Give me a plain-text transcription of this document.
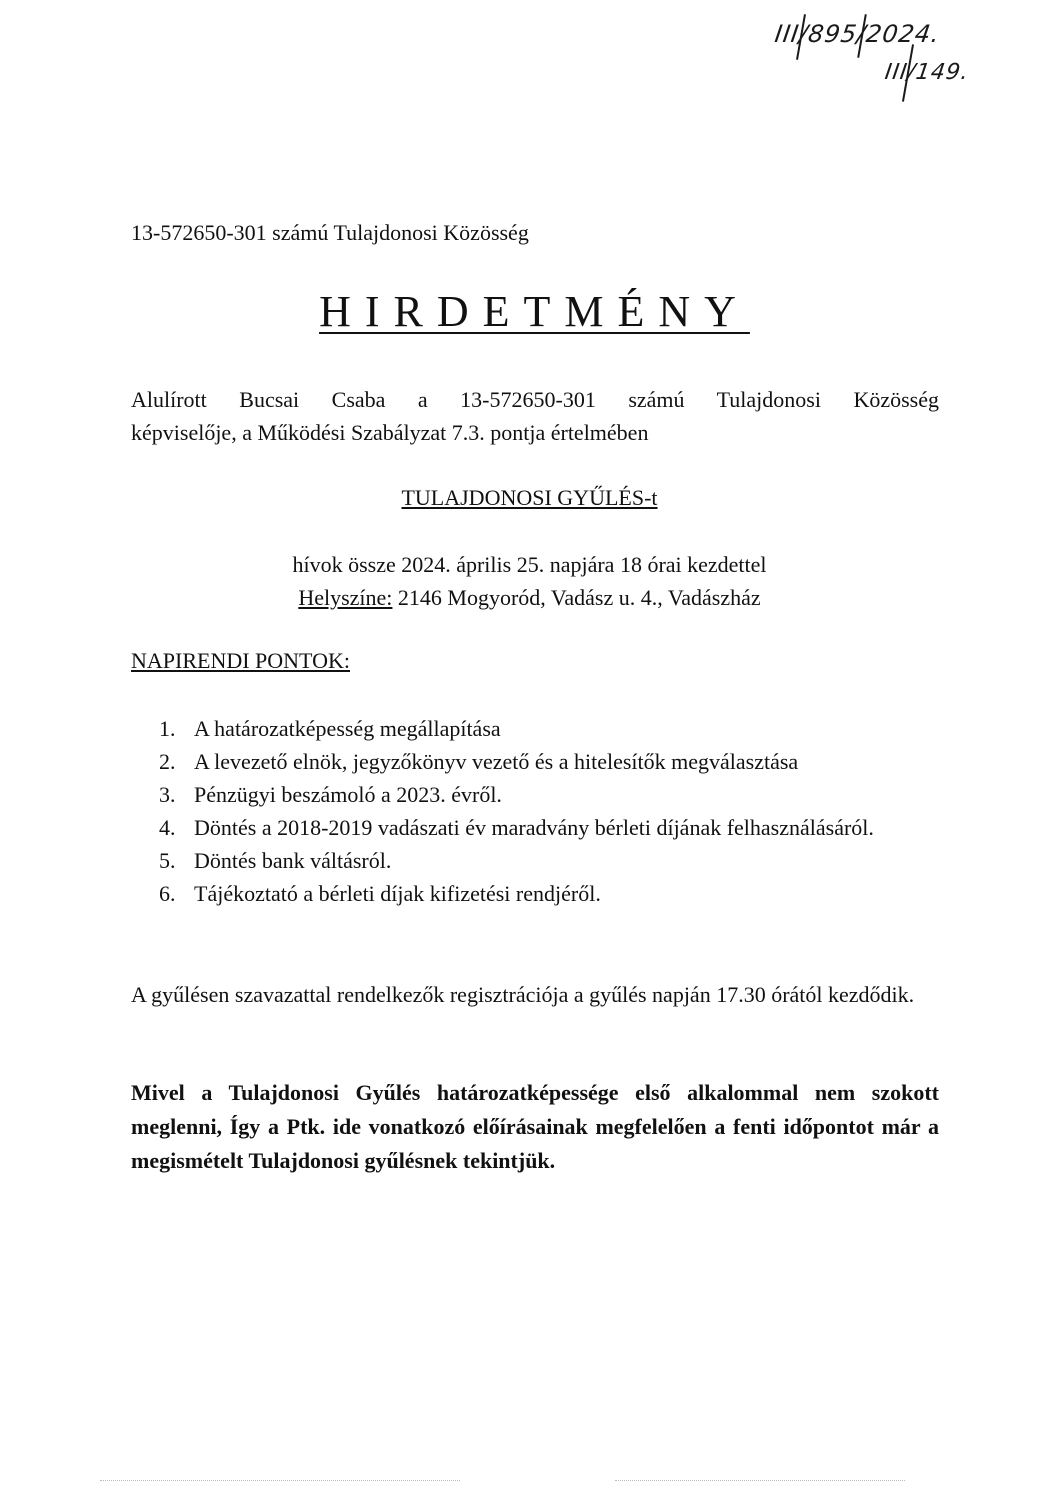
III/895/2024.
III/149.
13-572650-301 számú Tulajdonosi Közösség
HIRDETMÉNY
Alulírott Bucsai Csaba a 13-572650-301 számú Tulajdonosi Közösség
képviselője, a Működési Szabályzat 7.3. pontja értelmében
TULAJDONOSI GYŰLÉS-t
hívok össze 2024. április 25. napjára 18 órai kezdettel
Helyszíne: 2146 Mogyoród, Vadász u. 4., Vadászház
NAPIRENDI PONTOK:
1. A határozatképesség megállapítása
2. A levezető elnök, jegyzőkönyv vezető és a hitelesítők megválasztása
3. Pénzügyi beszámoló a 2023. évről.
4. Döntés a 2018-2019 vadászati év maradvány bérleti díjának felhasználásáról.
5. Döntés bank váltásról.
6. Tájékoztató a bérleti díjak kifizetési rendjéről.
A gyűlésen szavazattal rendelkezők regisztrációja a gyűlés napján 17.30 órától kezdődik.
Mivel a Tulajdonosi Gyűlés határozatképessége első alkalommal nem szokott meglenni, Így a Ptk. ide vonatkozó előírásainak megfelelően a fenti időpontot már a megismételt Tulajdonosi gyűlésnek tekintjük.
